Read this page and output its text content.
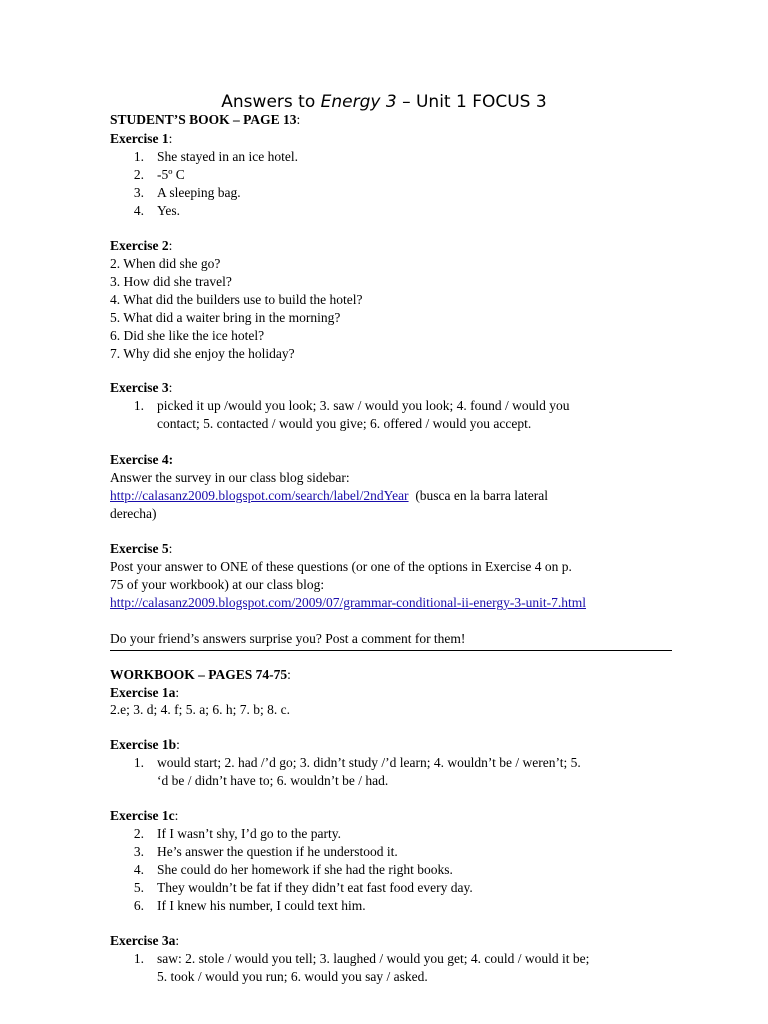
Answers to Energy 3 – Unit 1 FOCUS 3
STUDENT’S BOOK – PAGE 13:
Exercise 1:
1. She stayed in an ice hotel.
2. -5º C
3. A sleeping bag.
4. Yes.
Exercise 2:
2. When did she go?
3. How did she travel?
4. What did the builders use to build the hotel?
5. What did a waiter bring in the morning?
6. Did she like the ice hotel?
7. Why did she enjoy the holiday?
Exercise 3:
1. picked it up /would you look; 3. saw / would you look; 4. found / would you
contact; 5. contacted / would you give; 6. offered / would you accept.
Exercise 4:
Answer the survey in our class blog sidebar:
http://calasanz2009.blogspot.com/search/label/2ndYear (busca en la barra lateral
derecha)
Exercise 5:
Post your answer to ONE of these questions (or one of the options in Exercise 4 on p.
75 of your workbook) at our class blog:
http://calasanz2009.blogspot.com/2009/07/grammar-conditional-ii-energy-3-unit-7.html
Do your friend’s answers surprise you? Post a comment for them!
WORKBOOK – PAGES 74-75:
Exercise 1a:
2.e; 3. d; 4. f; 5. a; 6. h; 7. b; 8. c.
Exercise 1b:
1. would start; 2. had /’d go; 3. didn’t study /’d learn; 4. wouldn’t be / weren’t; 5.
‘d be / didn’t have to; 6. wouldn’t be / had.
Exercise 1c:
2. If I wasn’t shy, I’d go to the party.
3. He’s answer the question if he understood it.
4. She could do her homework if she had the right books.
5. They wouldn’t be fat if they didn’t eat fast food every day.
6. If I knew his number, I could text him.
Exercise 3a:
1. saw: 2. stole / would you tell; 3. laughed / would you get; 4. could / would it be;
5. took / would you run; 6. would you say / asked.
